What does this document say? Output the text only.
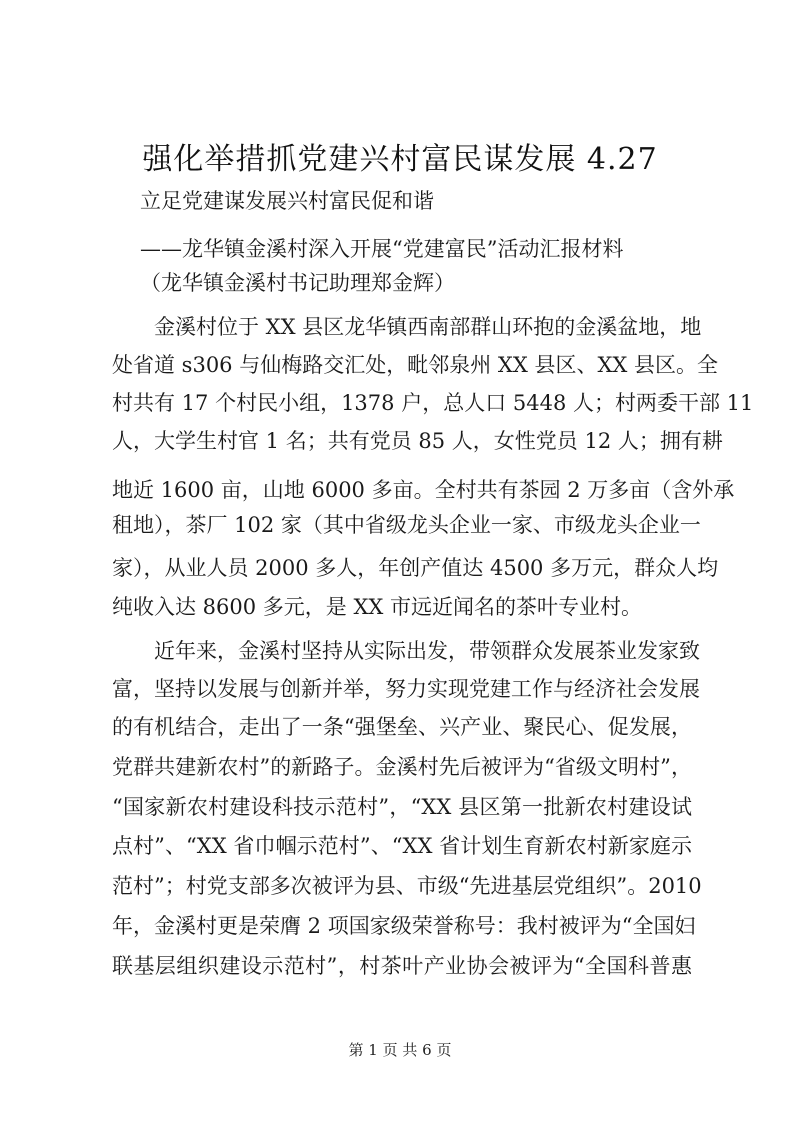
强化举措抓党建兴村富民谋发展 4.27
立足党建谋发展兴村富民促和谐
——龙华镇金溪村深入开展“党建富民”活动汇报材料
（龙华镇金溪村书记助理郑金辉）
金溪村位于 XX 县区龙华镇西南部群山环抱的金溪盆地，地
处省道 s306 与仙梅路交汇处，毗邻泉州 XX 县区、XX 县区。全
村共有 17 个村民小组，1378 户，总人口 5448 人；村两委干部 11
人，大学生村官 1 名；共有党员 85 人，女性党员 12 人；拥有耕
地近 1600 亩，山地 6000 多亩。全村共有茶园 2 万多亩（含外承
租地），茶厂 102 家（其中省级龙头企业一家、市级龙头企业一
家），从业人员 2000 多人，年创产值达 4500 多万元，群众人均
纯收入达 8600 多元，是 XX 市远近闻名的茶叶专业村。
近年来，金溪村坚持从实际出发，带领群众发展茶业发家致
富，坚持以发展与创新并举，努力实现党建工作与经济社会发展
的有机结合，走出了一条“强堡垒、兴产业、聚民心、促发展，
党群共建新农村”的新路子。金溪村先后被评为“省级文明村”，
“国家新农村建设科技示范村”，“XX 县区第一批新农村建设试
点村”、“XX 省巾帼示范村”、“XX 省计划生育新农村新家庭示
范村”；村党支部多次被评为县、市级“先进基层党组织”。2010
年，金溪村更是荣膺 2 项国家级荣誉称号：我村被评为“全国妇
联基层组织建设示范村”，村茶叶产业协会被评为“全国科普惠
第 1 页 共 6 页
